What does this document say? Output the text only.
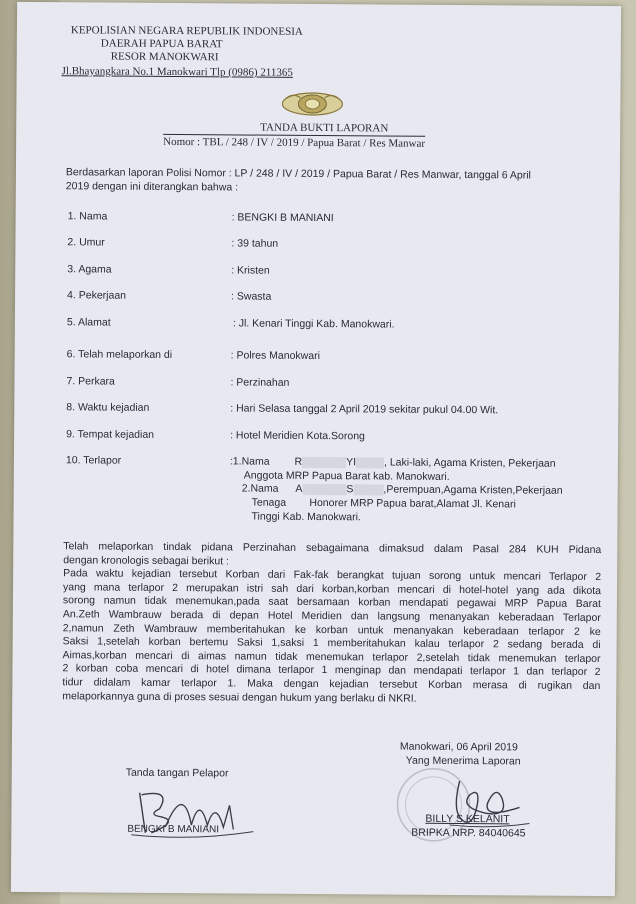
KEPOLISIAN NEGARA REPUBLIK INDONESIA
DAERAH PAPUA BARAT
RESOR MANOKWARI
Jl.Bhayangkara No.1 Manokwari Tlp (0986) 211365
TANDA BUKTI LAPORAN
Nomor : TBL / 248 / IV / 2019 / Papua Barat / Res Manwar
Berdasarkan laporan Polisi Nomor : LP / 248 / IV / 2019 / Papua Barat / Res Manwar, tanggal 6 April
2019 dengan ini diterangkan bahwa :
1. Nama	: BENGKI B MANIANI
2. Umur	: 39 tahun
3. Agama	: Kristen
4. Pekerjaan	: Swasta
5. Alamat	: Jl. Kenari Tinggi Kab. Manokwari.
6. Telah melaporkan di	: Polres Manokwari
7. Perkara	: Perzinahan
8. Waktu kejadian	: Hari Selasa tanggal 2 April 2019 sekitar pukul 04.00 Wit.
9. Tempat kejadian	: Hotel Meridien Kota.Sorong
10. Terlapor	:1.Nama R	YI	, Laki-laki, Agama Kristen, Pekerjaan
Anggota MRP Papua Barat kab. Manokwari.
2.Nama A	S	,Perempuan,Agama Kristen,Pekerjaan
Tenaga        Honorer MRP Papua barat,Alamat Jl. Kenari
Tinggi Kab. Manokwari.
Telah melaporkan tindak pidana Perzinahan sebagaimana dimaksud dalam Pasal 284 KUH Pidana
dengan kronologis sebagai berikut :
Pada waktu kejadian tersebut Korban dari Fak-fak berangkat tujuan sorong untuk mencari Terlapor 2
yang mana terlapor 2 merupakan istri sah dari korban,korban mencari di hotel-hotel yang ada dikota
sorong namun tidak menemukan,pada saat bersamaan korban mendapati pegawai MRP Papua Barat
An.Zeth Wambrauw berada di depan Hotel Meridien dan langsung menanyakan keberadaan Terlapor
2,namun Zeth Wambrauw memberitahukan ke korban untuk menanyakan keberadaan terlapor 2 ke
Saksi 1,setelah korban bertemu Saksi 1,saksi 1 memberitahukan kalau terlapor 2 sedang berada di
Aimas,korban mencari di aimas namun tidak menemukan terlapor 2,setelah tidak menemukan terlapor
2 korban coba mencari di hotel dimana terlapor 1 menginap dan mendapati terlapor 1 dan terlapor 2
tidur didalam kamar terlapor 1. Maka dengan kejadian tersebut Korban merasa di rugikan dan
melaporkannya guna di proses sesuai dengan hukum yang berlaku di NKRI.
Manokwari, 06 April 2019
Yang Menerima Laporan
Tanda tangan Pelapor
BENGKI B MANIANI
BILLY S KELANIT
BRIPKA NRP. 84040645
